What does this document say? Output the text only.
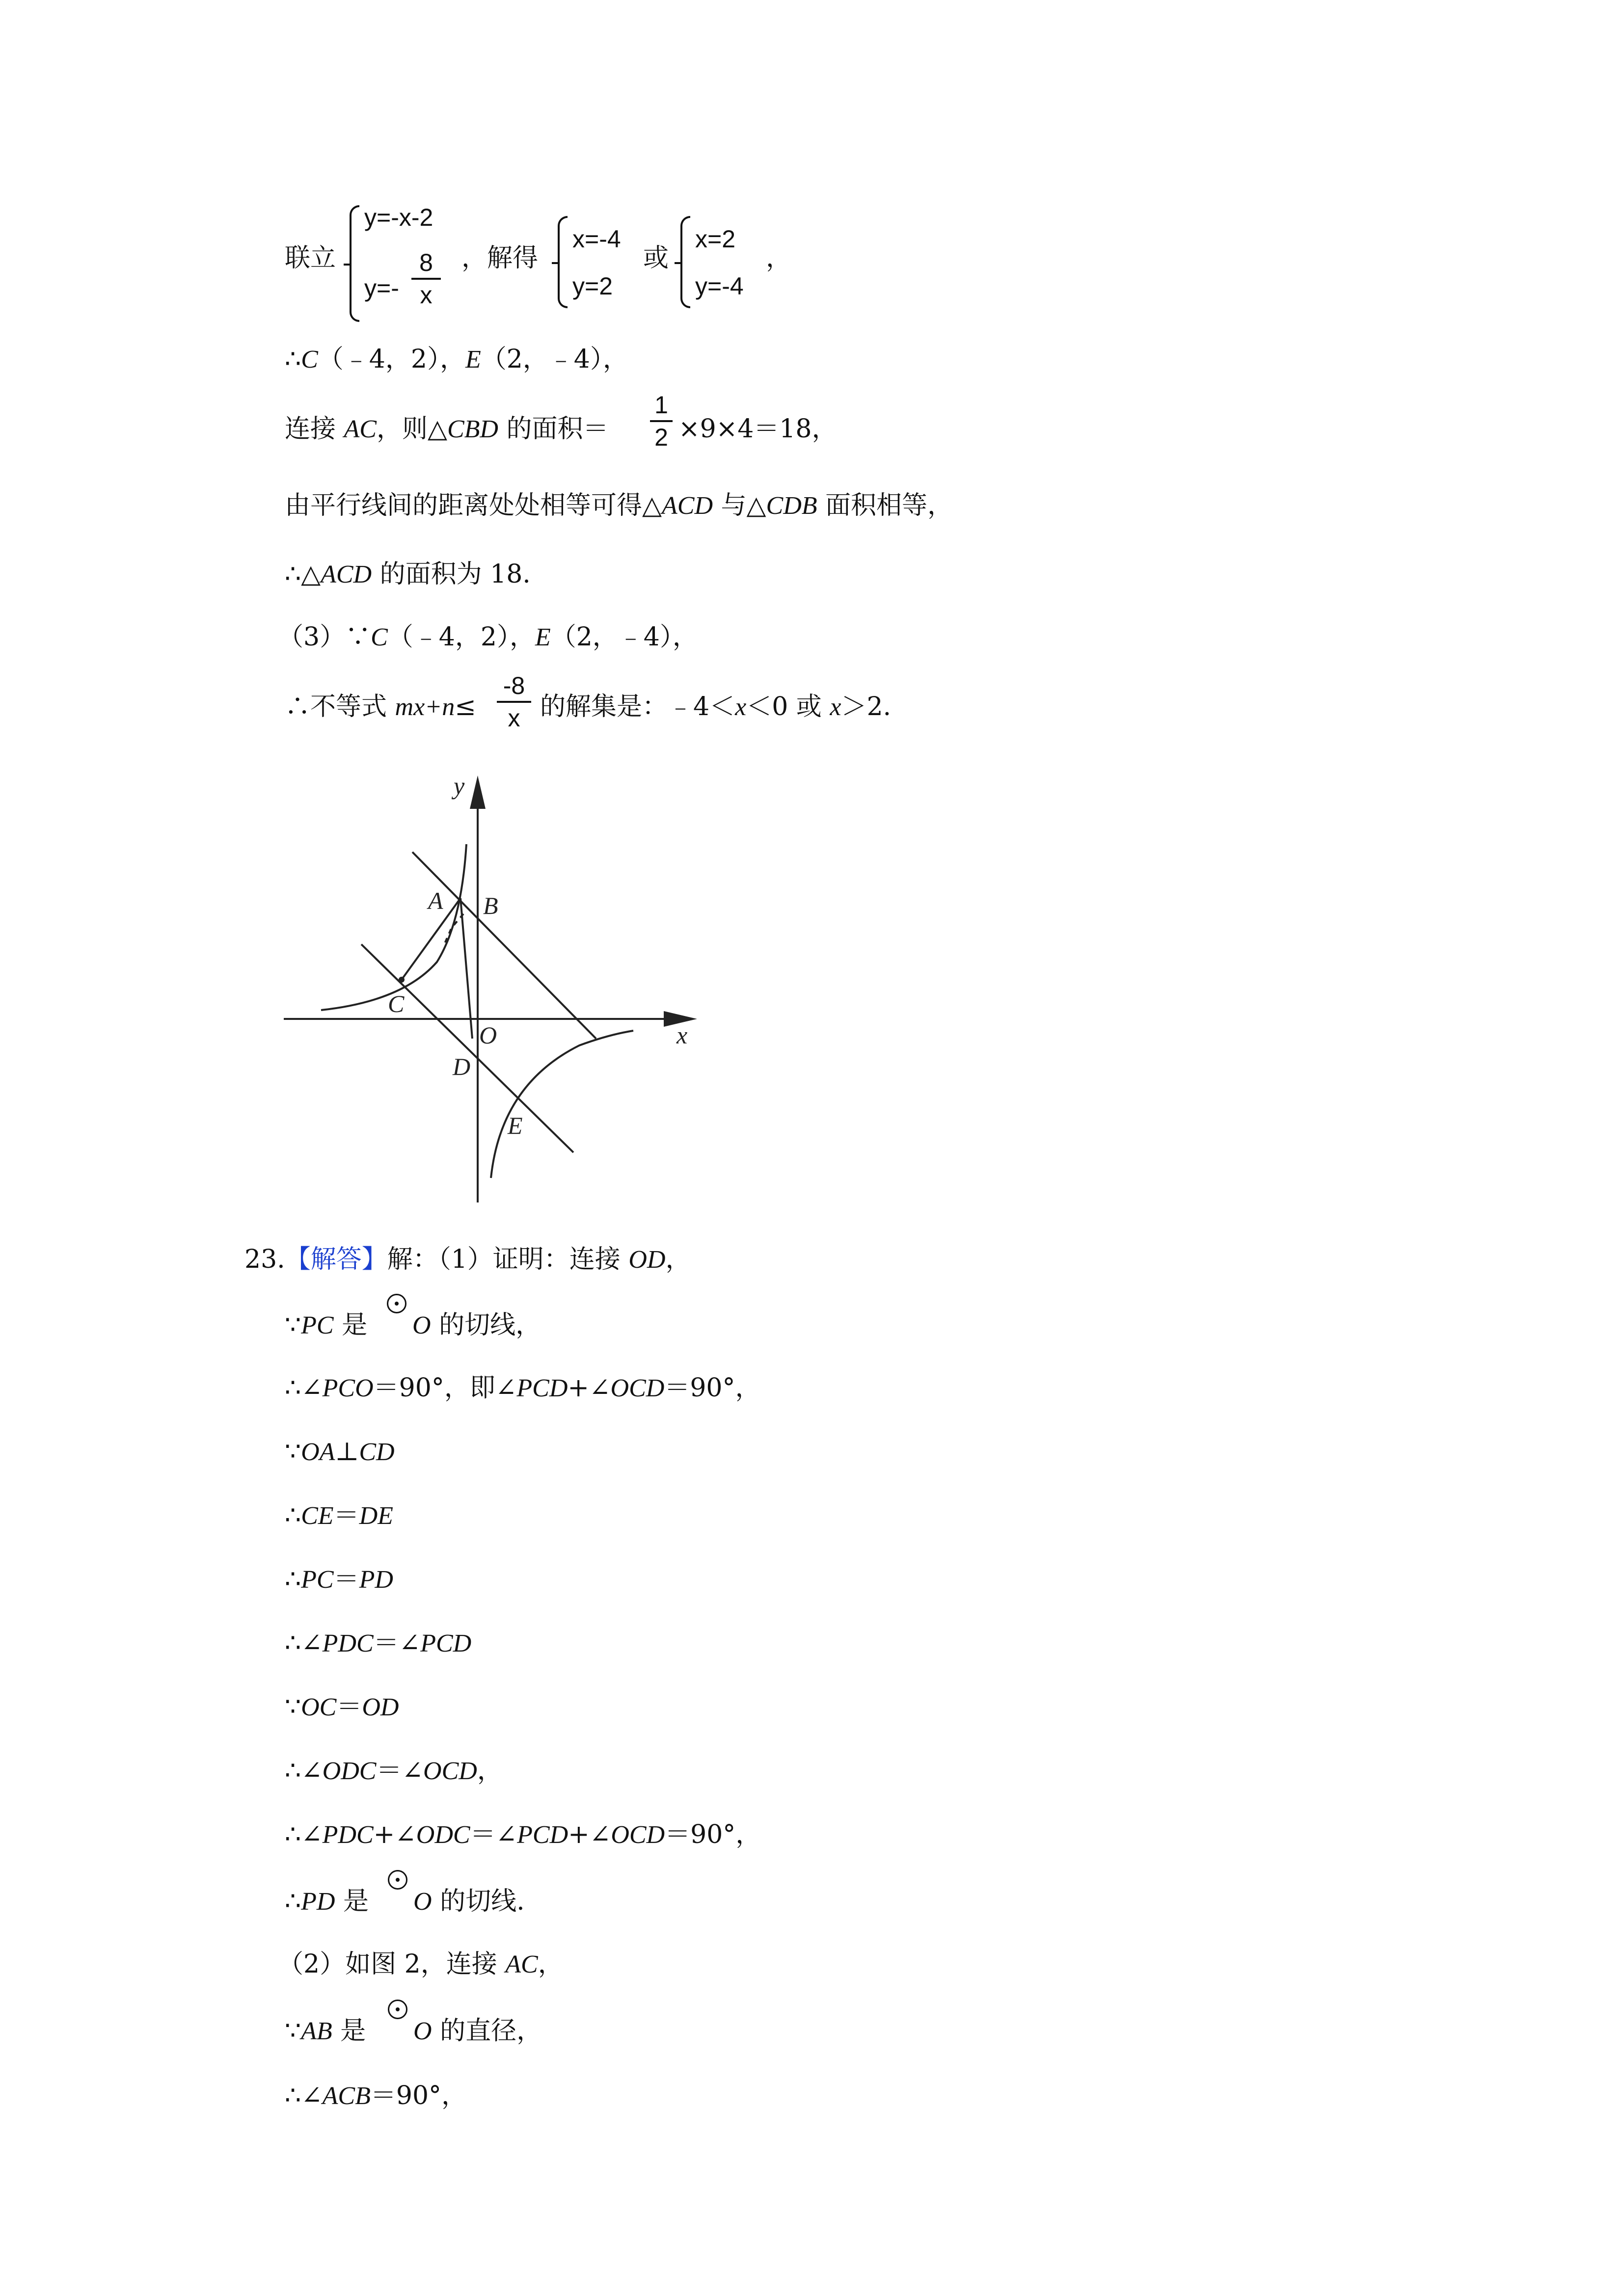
联立
y=-x-2
y=-
8
x
，解得
x=-4
y=2
或
x=2
y=-4
，
∴C（﹣4，2），E（2，﹣4），
连接 AC，则△CBD 的面积＝
1
2 ×9×4＝18，
由平行线间的距离处处相等可得△ACD 与△CDB 面积相等，
∴△ACD 的面积为 18.
（3）∵C（﹣4，2），E（2，﹣4），
∴不等式 mx+n≤
-8
x 的解集是：﹣4＜x＜0 或 x＞2.
y
x
A B
C
O
D
E
23.【解答】解：（1）证明：连接 OD，
∵PC 是 O 的切线，
∴∠PCO＝90°，即∠PCD+∠OCD＝90°，
∵OA⊥CD
∴CE＝DE
∴PC＝PD
∴∠PDC＝∠PCD
∵OC＝OD
∴∠ODC＝∠OCD，
∴∠PDC+∠ODC＝∠PCD+∠OCD＝90°，
∴PD 是 O 的切线.
（2）如图 2，连接 AC，
∵AB 是 O 的直径，
∴∠ACB＝90°，
